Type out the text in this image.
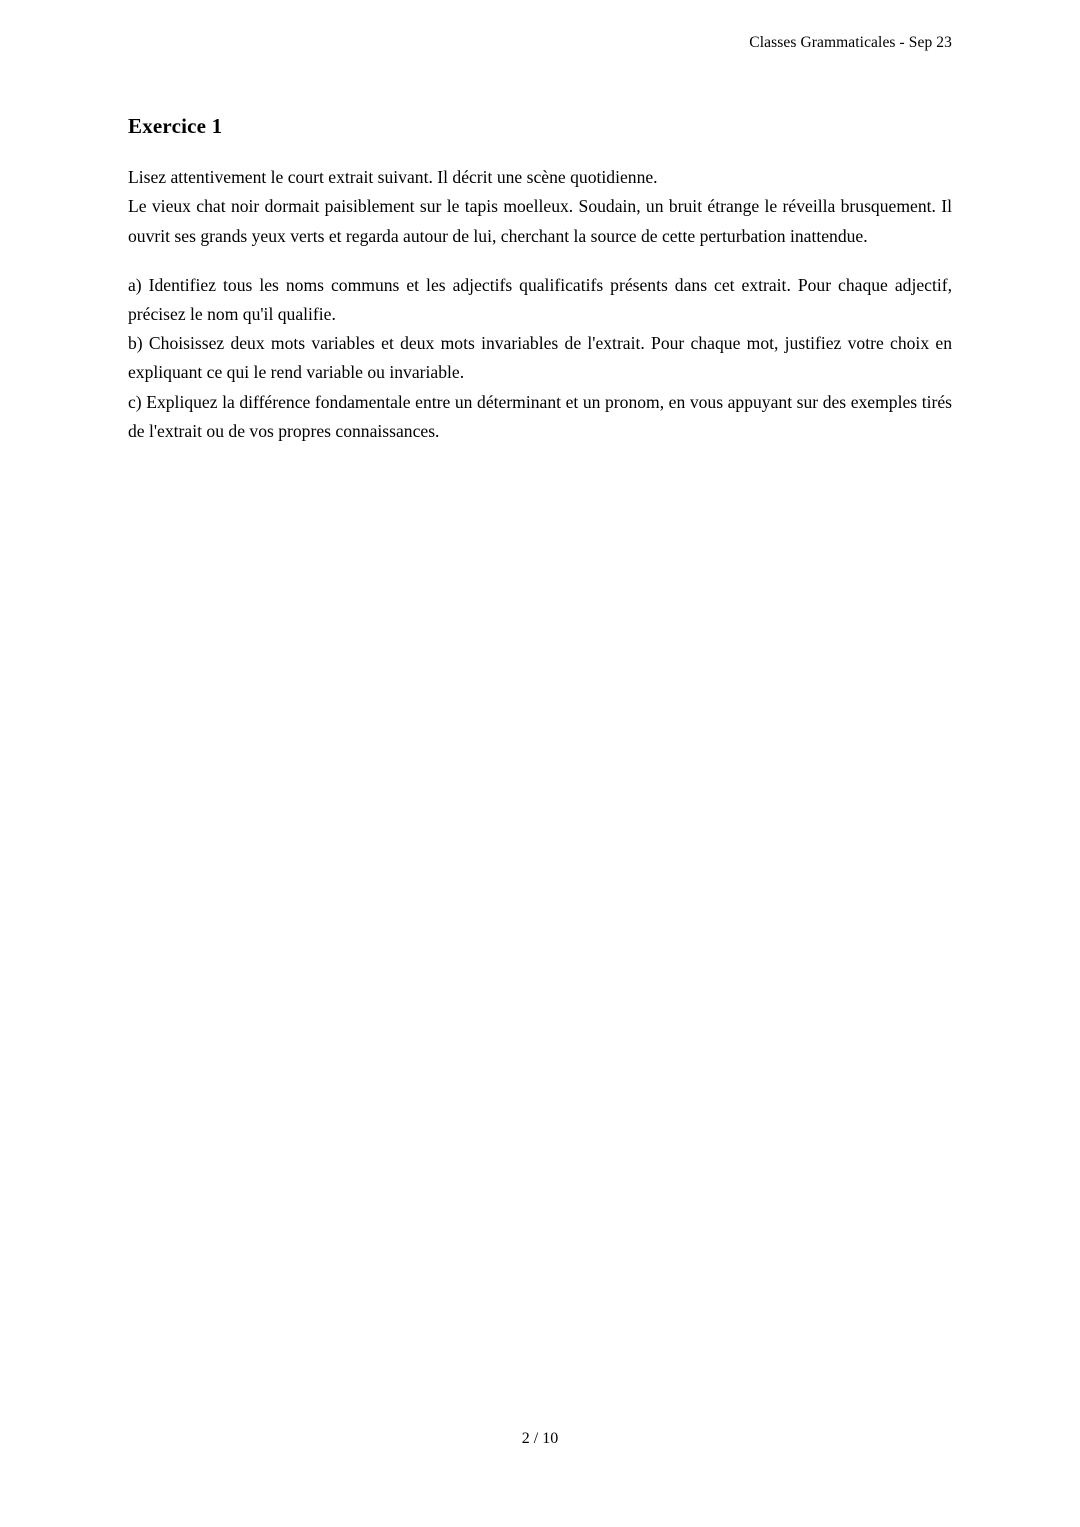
Classes Grammaticales - Sep 23
Exercice 1

Lisez attentivement le court extrait suivant. Il décrit une scène quotidienne.

Le vieux chat noir dormait paisiblement sur le tapis moelleux. Soudain, un bruit étrange le réveilla brusquement. Il ouvrit ses grands yeux verts et regarda autour de lui, cherchant la source de cette perturbation inattendue.

a) Identifiez tous les noms communs et les adjectifs qualificatifs présents dans cet extrait. Pour chaque adjectif, précisez le nom qu'il qualifie.

b) Choisissez deux mots variables et deux mots invariables de l'extrait. Pour chaque mot, justifiez votre choix en expliquant ce qui le rend variable ou invariable.

c) Expliquez la différence fondamentale entre un déterminant et un pronom, en vous appuyant sur des exemples tirés de l'extrait ou de vos propres connaissances.

2 / 10
